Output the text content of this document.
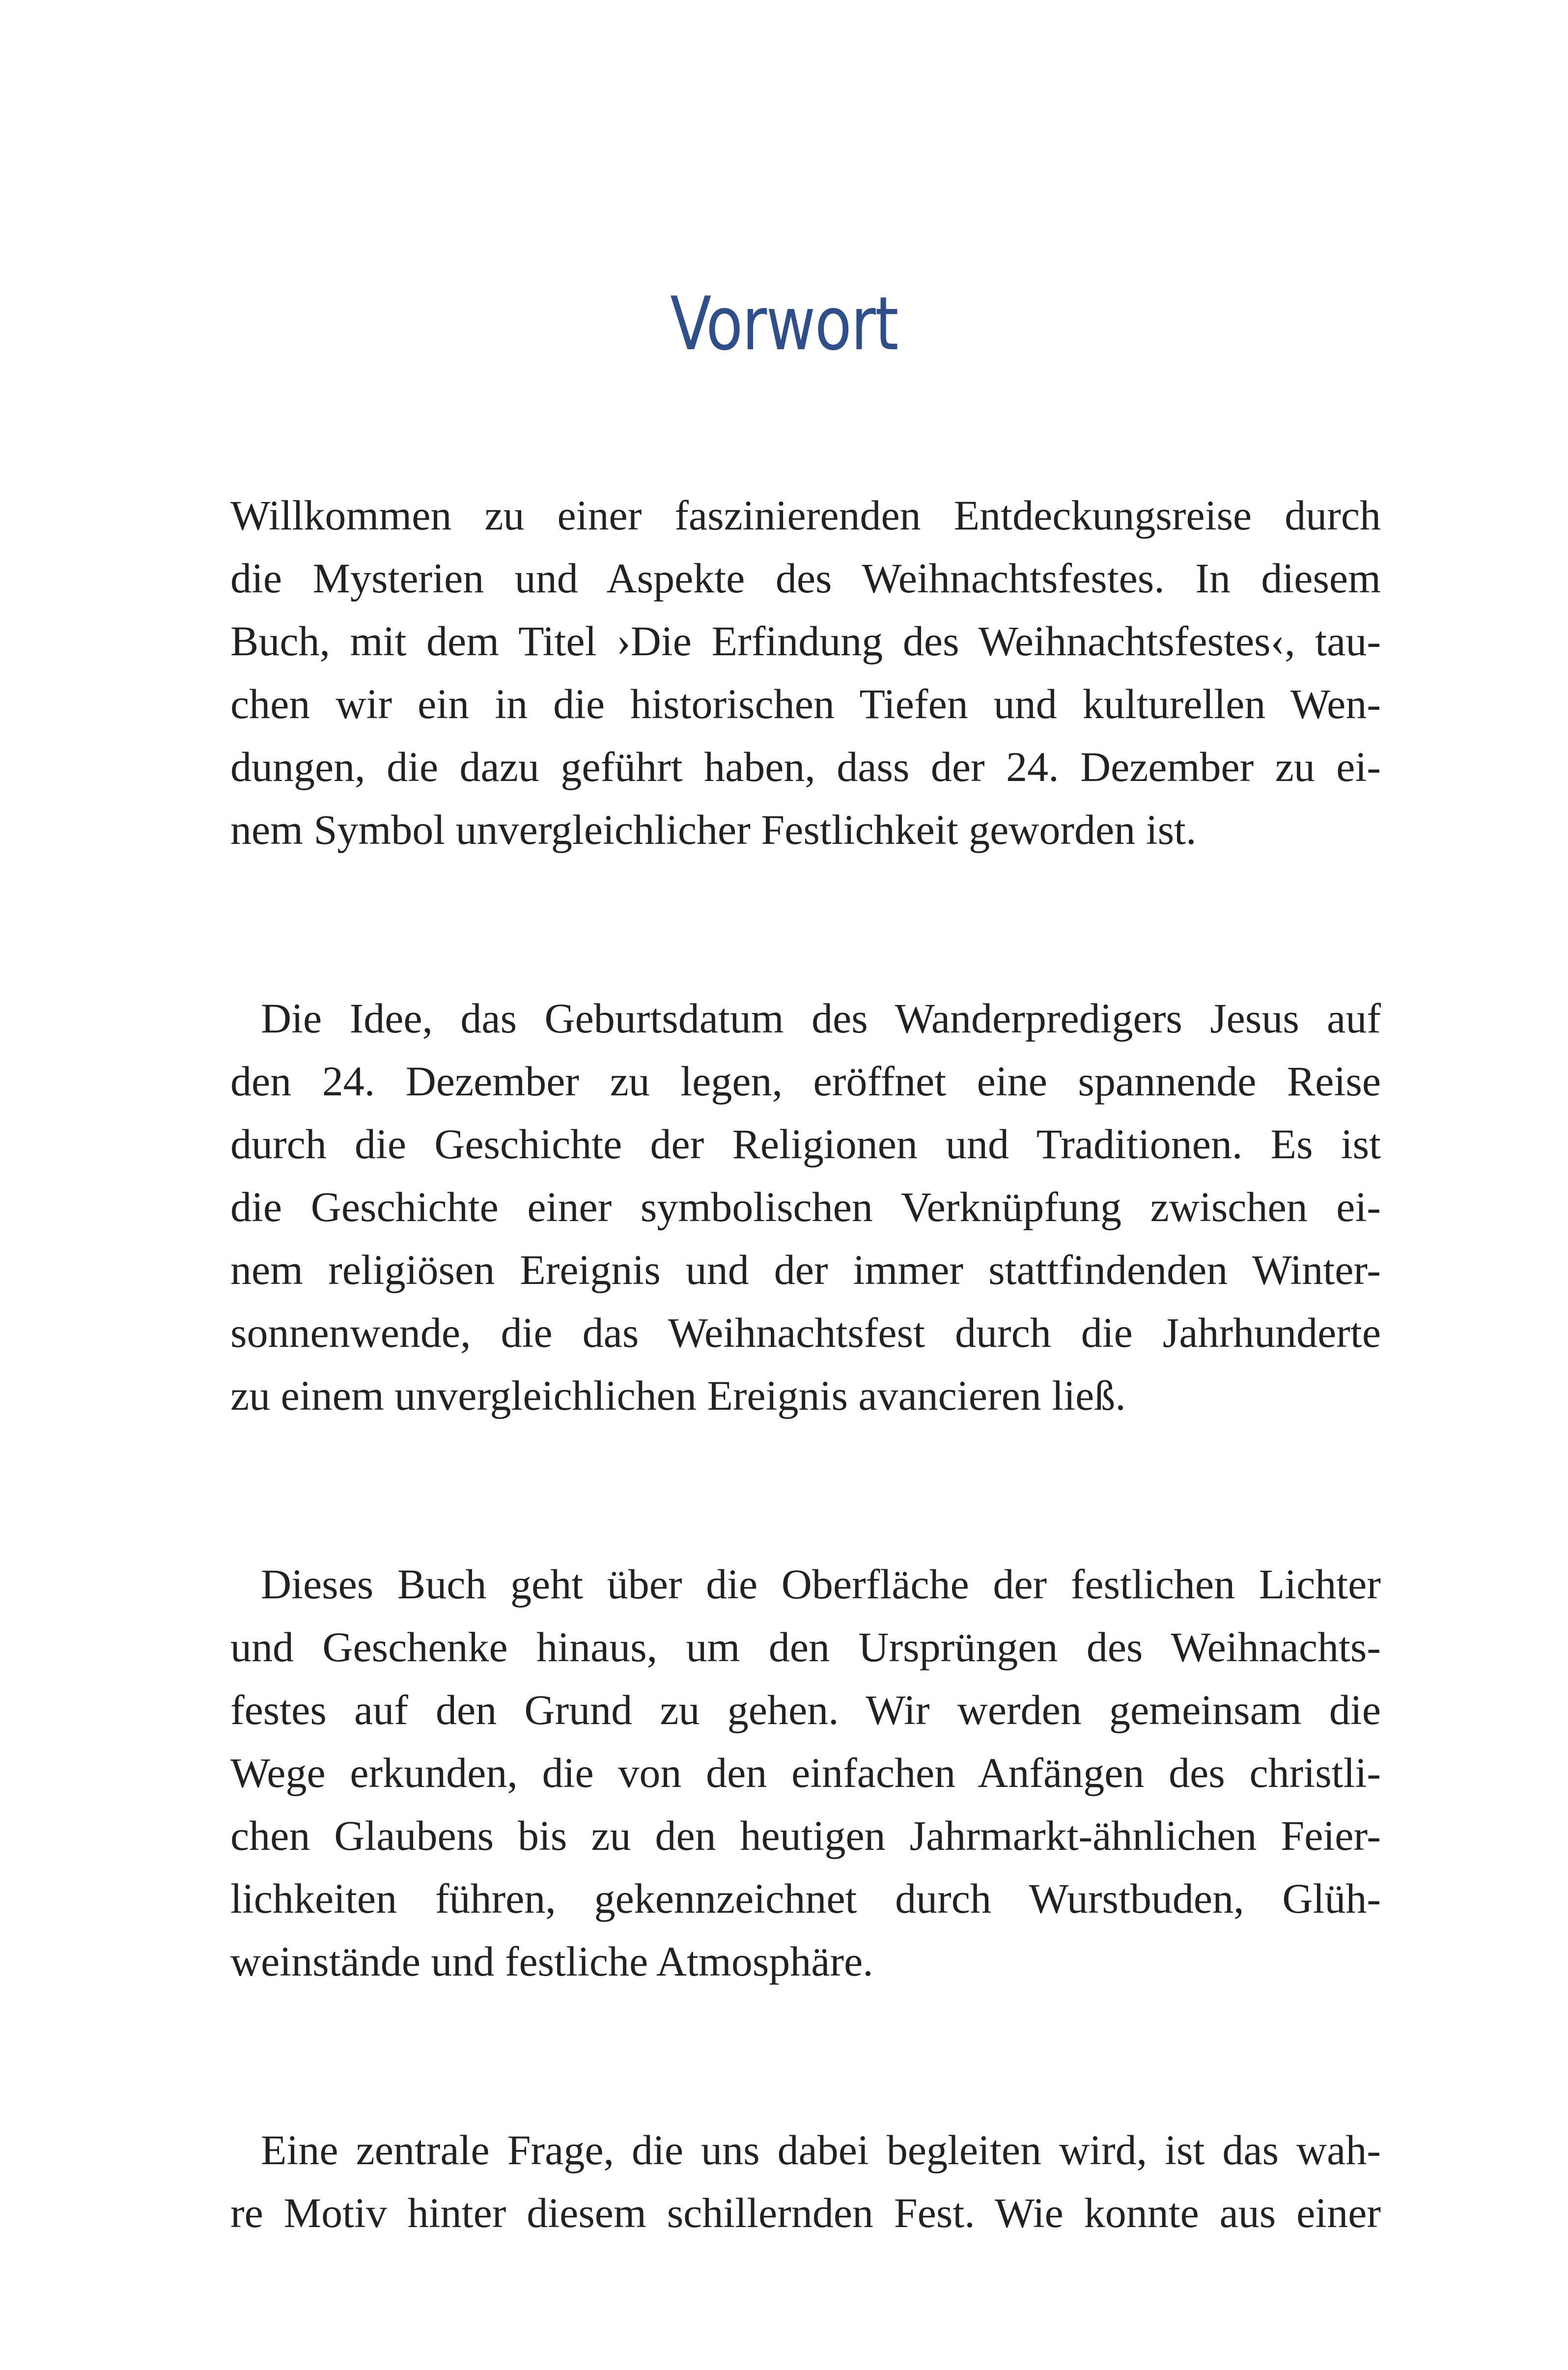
Vorwort

Willkommen zu einer faszinierenden Entdeckungsreise durch
die Mysterien und Aspekte des Weihnachtsfestes. In diesem
Buch, mit dem Titel ›Die Erfindung des Weihnachtsfestes‹, tau-
chen wir ein in die historischen Tiefen und kulturellen Wen-
dungen, die dazu geführt haben, dass der 24. Dezember zu ei-
nem Symbol unvergleichlicher Festlichkeit geworden ist.

Die Idee, das Geburtsdatum des Wanderpredigers Jesus auf
den 24. Dezember zu legen, eröffnet eine spannende Reise
durch die Geschichte der Religionen und Traditionen. Es ist
die Geschichte einer symbolischen Verknüpfung zwischen ei-
nem religiösen Ereignis und der immer stattfindenden Winter-
sonnenwende, die das Weihnachtsfest durch die Jahrhunderte
zu einem unvergleichlichen Ereignis avancieren ließ.

Dieses Buch geht über die Oberfläche der festlichen Lichter
und Geschenke hinaus, um den Ursprüngen des Weihnachts-
festes auf den Grund zu gehen. Wir werden gemeinsam die
Wege erkunden, die von den einfachen Anfängen des christli-
chen Glaubens bis zu den heutigen Jahrmarkt-ähnlichen Feier-
lichkeiten führen, gekennzeichnet durch Wurstbuden, Glüh-
weinstände und festliche Atmosphäre.

Eine zentrale Frage, die uns dabei begleiten wird, ist das wah-
re Motiv hinter diesem schillernden Fest. Wie konnte aus einer
